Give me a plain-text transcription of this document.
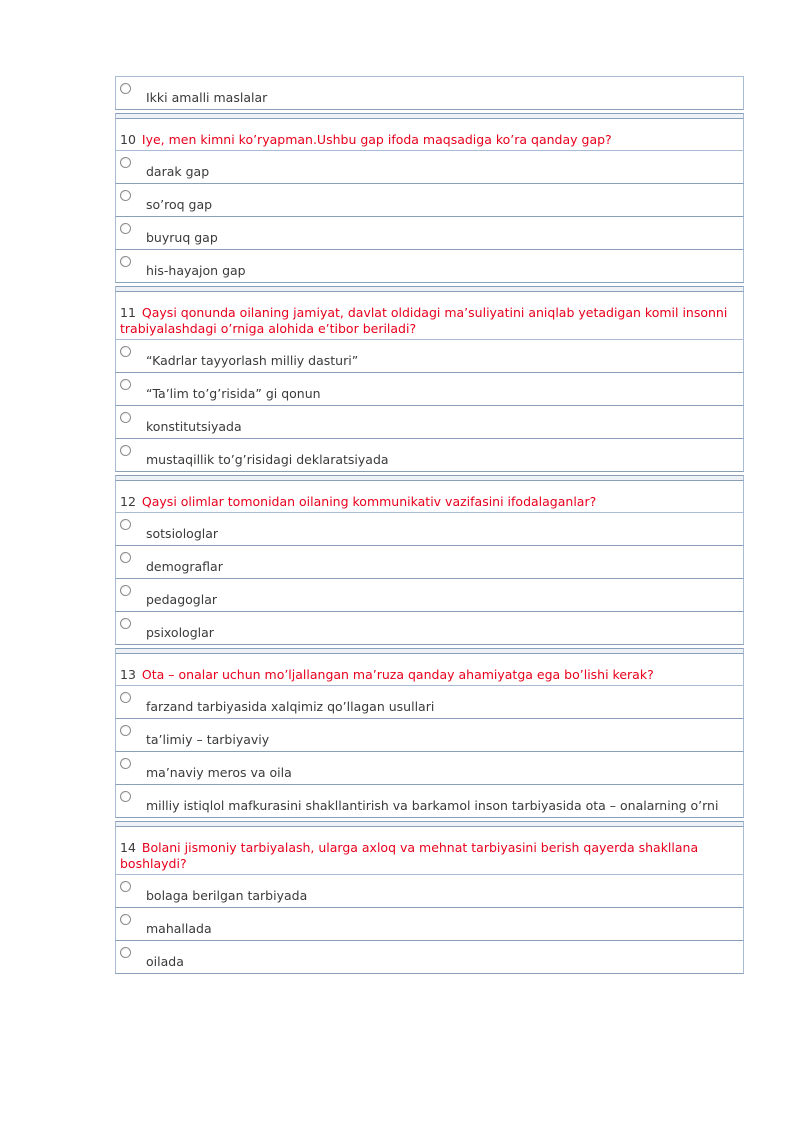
Ikki amalli maslalar
10 Iye, men kimni ko’ryapman.Ushbu gap ifoda maqsadiga ko’ra qanday gap?
darak gap
so’roq gap
buyruq gap
his-hayajon gap
11 Qaysi qonunda oilaning jamiyat, davlat oldidagi ma’suliyatini aniqlab yetadigan komil insonni trabiyalashdagi o’rniga alohida e’tibor beriladi?
“Kadrlar tayyorlash milliy dasturi”
“Ta’lim to’g’risida” gi qonun
konstitutsiyada
mustaqillik to’g’risidagi deklaratsiyada
12 Qaysi olimlar tomonidan oilaning kommunikativ vazifasini ifodalaganlar?
sotsiologlar
demograflar
pedagoglar
psixologlar
13 Ota – onalar uchun mo’ljallangan ma’ruza qanday ahamiyatga ega bo’lishi kerak?
farzand tarbiyasida xalqimiz qo’llagan usullari
ta’limiy – tarbiyaviy
ma’naviy meros va oila
milliy istiqlol mafkurasini shakllantirish va barkamol inson tarbiyasida ota – onalarning o’rni
14 Bolani jismoniy tarbiyalash, ularga axloq va mehnat tarbiyasini berish qayerda shakllana boshlaydi?
bolaga berilgan tarbiyada
mahallada
oilada
